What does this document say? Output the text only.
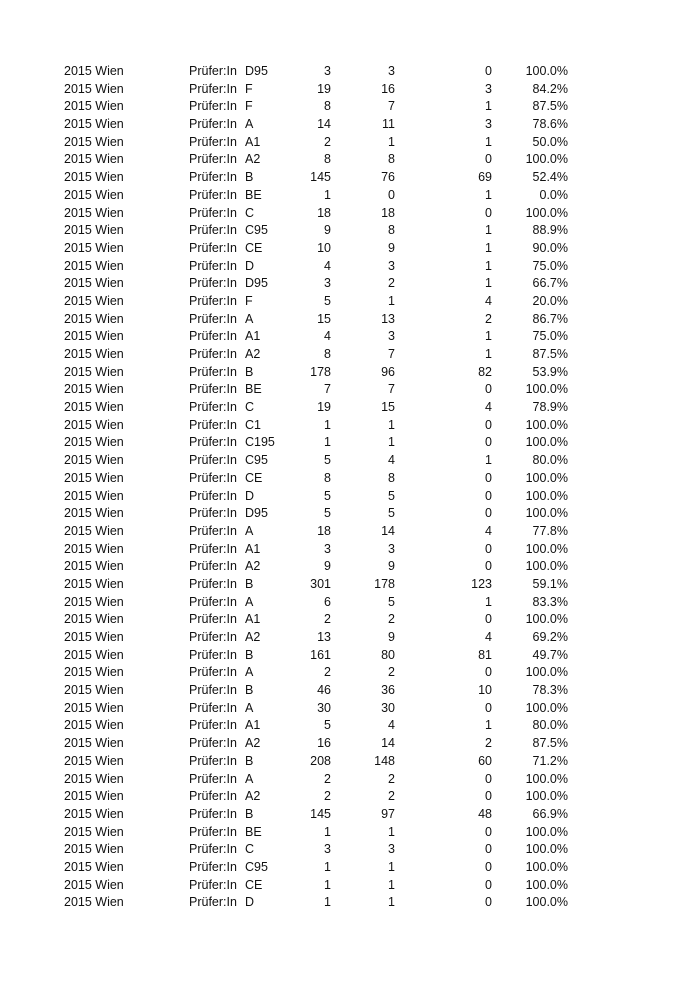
2015 Wien	Prüfer:In D95	3	3	0	100.0%
2015 Wien	Prüfer:In F	19	16	3	84.2%
2015 Wien	Prüfer:In F	8	7	1	87.5%
2015 Wien	Prüfer:In A	14	11	3	78.6%
2015 Wien	Prüfer:In A1	2	1	1	50.0%
2015 Wien	Prüfer:In A2	8	8	0	100.0%
2015 Wien	Prüfer:In B	145	76	69	52.4%
2015 Wien	Prüfer:In BE	1	0	1	0.0%
2015 Wien	Prüfer:In C	18	18	0	100.0%
2015 Wien	Prüfer:In C95	9	8	1	88.9%
2015 Wien	Prüfer:In CE	10	9	1	90.0%
2015 Wien	Prüfer:In D	4	3	1	75.0%
2015 Wien	Prüfer:In D95	3	2	1	66.7%
2015 Wien	Prüfer:In F	5	1	4	20.0%
2015 Wien	Prüfer:In A	15	13	2	86.7%
2015 Wien	Prüfer:In A1	4	3	1	75.0%
2015 Wien	Prüfer:In A2	8	7	1	87.5%
2015 Wien	Prüfer:In B	178	96	82	53.9%
2015 Wien	Prüfer:In BE	7	7	0	100.0%
2015 Wien	Prüfer:In C	19	15	4	78.9%
2015 Wien	Prüfer:In C1	1	1	0	100.0%
2015 Wien	Prüfer:In C195	1	1	0	100.0%
2015 Wien	Prüfer:In C95	5	4	1	80.0%
2015 Wien	Prüfer:In CE	8	8	0	100.0%
2015 Wien	Prüfer:In D	5	5	0	100.0%
2015 Wien	Prüfer:In D95	5	5	0	100.0%
2015 Wien	Prüfer:In A	18	14	4	77.8%
2015 Wien	Prüfer:In A1	3	3	0	100.0%
2015 Wien	Prüfer:In A2	9	9	0	100.0%
2015 Wien	Prüfer:In B	301	178	123	59.1%
2015 Wien	Prüfer:In A	6	5	1	83.3%
2015 Wien	Prüfer:In A1	2	2	0	100.0%
2015 Wien	Prüfer:In A2	13	9	4	69.2%
2015 Wien	Prüfer:In B	161	80	81	49.7%
2015 Wien	Prüfer:In A	2	2	0	100.0%
2015 Wien	Prüfer:In B	46	36	10	78.3%
2015 Wien	Prüfer:In A	30	30	0	100.0%
2015 Wien	Prüfer:In A1	5	4	1	80.0%
2015 Wien	Prüfer:In A2	16	14	2	87.5%
2015 Wien	Prüfer:In B	208	148	60	71.2%
2015 Wien	Prüfer:In A	2	2	0	100.0%
2015 Wien	Prüfer:In A2	2	2	0	100.0%
2015 Wien	Prüfer:In B	145	97	48	66.9%
2015 Wien	Prüfer:In BE	1	1	0	100.0%
2015 Wien	Prüfer:In C	3	3	0	100.0%
2015 Wien	Prüfer:In C95	1	1	0	100.0%
2015 Wien	Prüfer:In CE	1	1	0	100.0%
2015 Wien	Prüfer:In D	1	1	0	100.0%
